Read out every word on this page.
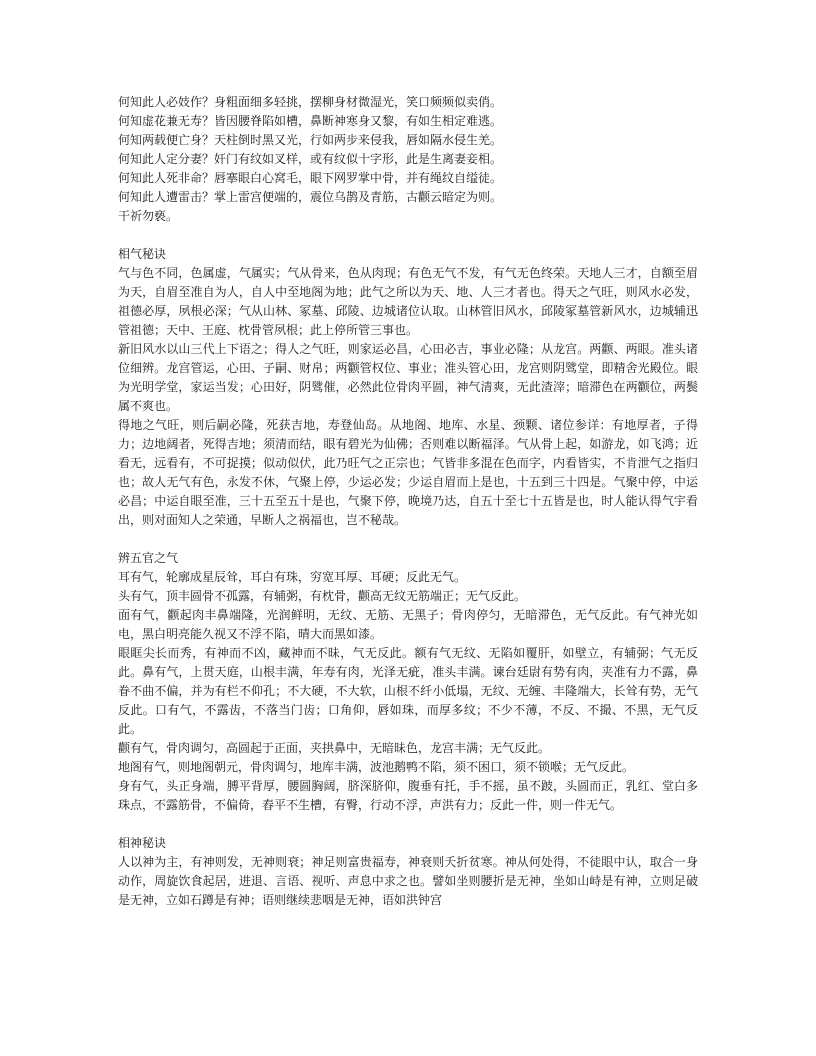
何知此人必妓作？身粗面细多轻挑，摆柳身材微湿光，笑口频频似卖俏。

何知虚花兼无寿？皆因腰脊陷如槽，鼻断神寒身又黎，有如生相定难逃。

何知两载便亡身？天柱倒时黑又光，行如两步来侵我，唇如隔水侵生羌。

何知此人定分妻？奸门有纹如叉样，或有纹似十字形，此是生离妻妾相。

何知此人死非命？唇搴眼白心窝毛，眼下网罗掌中骨，并有绳纹自缢徒。

何知此人遭雷击？掌上雷宫便端的，震位乌鹊及青筋，古颧云暗定为则。

干祈勿亵。

相气秘诀

气与色不同，色属虚，气属实；气从骨来，色从肉现；有色无气不发，有气无色终荣。天地人三才，自额至眉为天，自眉至准自为人，自人中至地阁为地；此气之所以为天、地、人三才者也。得天之气旺，则风水必发，祖德必厚，夙根必深；气从山林、冢墓、邱陵、边城诸位认取。山林管旧风水，邱陵冢墓管新风水，边城辅迅管祖德；天中、王庭、枕骨管夙根；此上停所管三事也。

新旧风水以山三代上下语之；得人之气旺，则家运必昌，心田必吉，事业必隆；从龙宫。两颧、两眼。准头诸位细辨。龙宫管运，心田、子嗣、财帛；两颧管权位、事业；准头管心田，龙宫则阴骘堂，即精舍光殿位。眼为光明学堂，家运当发；心田好，阴骘催，必然此位骨肉平圆，神气清爽，无此渣滓；暗滞色在两颧位，两鬓属不爽也。

得地之气旺，则后嗣必隆，死获吉地，寿登仙岛。从地阁、地库、水星、颈颗、诸位参详：有地厚者，子得力；边地阔者，死得吉地；须清而结，眼有碧光为仙佛；否则难以断福泽。气从骨上起，如游龙，如飞鸿；近看无，远看有，不可捉摸；似动似伏，此乃旺气之正宗也；气皆非多混在色而字，内看皆实，不肯泄气之指归也；故人无气有色，永发不休，气聚上停，少运必发；少运自眉而上是也，十五到三十四是。气聚中停，中运必昌；中运自眼至准，三十五至五十是也，气聚下停，晚境乃达，自五十至七十五皆是也，时人能认得气宇看出，则对面知人之荣通，早断人之祸福也，岂不秘哉。

辨五官之气

耳有气，轮廓成星辰耸，耳白有珠，穷宽耳厚、耳硬；反此无气。

头有气，顶丰圆骨不孤露，有辅粥，有枕骨，颧高无纹无筋端正；无气反此。

面有气，颧起肉丰鼻端隆，光润鲜明，无纹、无筋、无黑子；骨肉停匀，无暗滞色，无气反此。有气神光如电，黑白明亮能久视又不浮不陷，晴大而黑如漆。

眼眶尖长而秀，有神而不凶，藏神而不昧，气无反此。额有气无纹、无陷如覆肝，如壁立，有辅弼；气无反此。鼻有气，上贯天庭，山根丰满，年寿有肉，光泽无疵，准头丰满。谏台廷尉有势有肉，夹准有力不露，鼻眷不曲不偏，并为有栏不仰孔；不大硬，不大软，山根不纤小低塌，无纹、无缠、丰隆端大，长耸有势，无气反此。口有气，不露齿，不落当门齿；口角仰，唇如珠，而厚多纹；不少不薄，不反、不撮、不黑，无气反此。

颧有气，骨肉调匀，高圆起于正面，夹拱鼻中，无暗昧色，龙宫丰满；无气反此。

地阁有气，则地阁朝元，骨肉调匀，地库丰满，波池鹅鸭不陷，须不困口，须不锁喉；无气反此。

身有气，头正身端，膊平背厚，腰圆胸阔，脐深脐仰，腹垂有托，手不摇，虽不跛，头圆而正，乳红、堂白多珠点，不露筋骨，不偏倚，舂平不生槽，有臀，行动不浮，声洪有力；反此一件，则一件无气。

相神秘诀

人以神为主，有神则发，无神则衰；神足则富贵福寿，神衰则夭折贫寒。神从何处得，不徒眼中认，取合一身动作，周旋饮食起居，进退、言语、视听、声息中求之也。譬如坐则腰折是无神，坐如山峙是有神，立则足破是无神，立如石蹲是有神；语则继续悲咽是无神，语如洪钟宫
